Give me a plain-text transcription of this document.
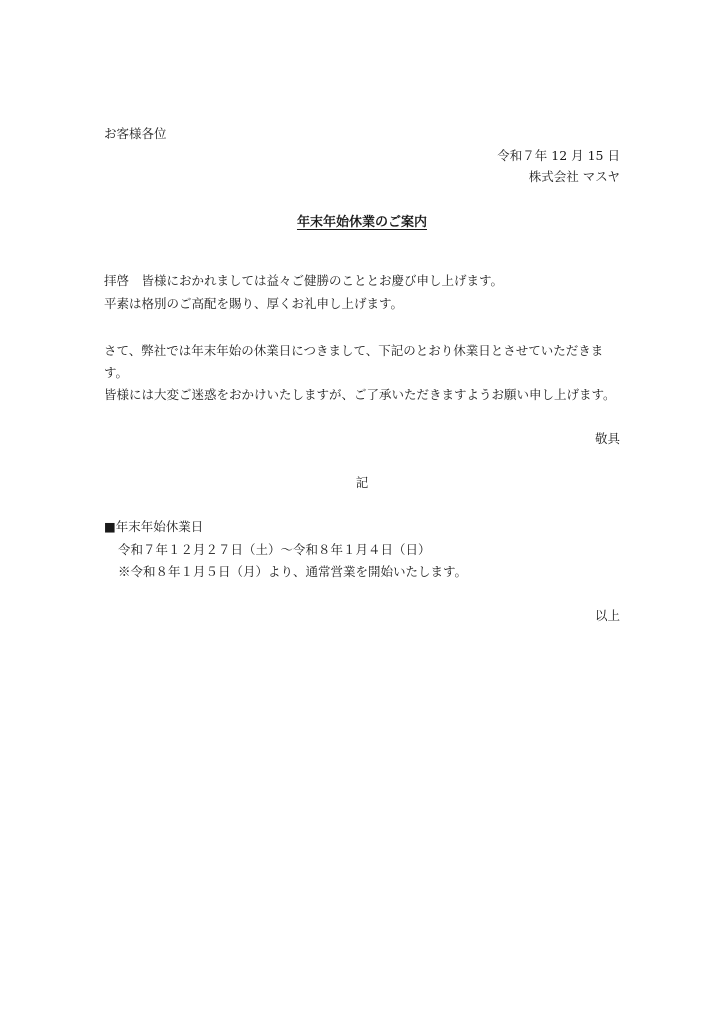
お客様各位
令和７年 12 月 15 日
株式会社 マスヤ
年末年始休業のご案内
拝啓　皆様におかれましては益々ご健勝のこととお慶び申し上げます。
平素は格別のご高配を賜り、厚くお礼申し上げます。
さて、弊社では年末年始の休業日につきまして、下記のとおり休業日とさせていただきま
す。
皆様には大変ご迷惑をおかけいたしますが、ご了承いただきますようお願い申し上げます。
敬具
記
■年末年始休業日
令和７年１２月２７日（土）～令和８年１月４日（日）
※令和８年１月５日（月）より、通常営業を開始いたします。
以上
